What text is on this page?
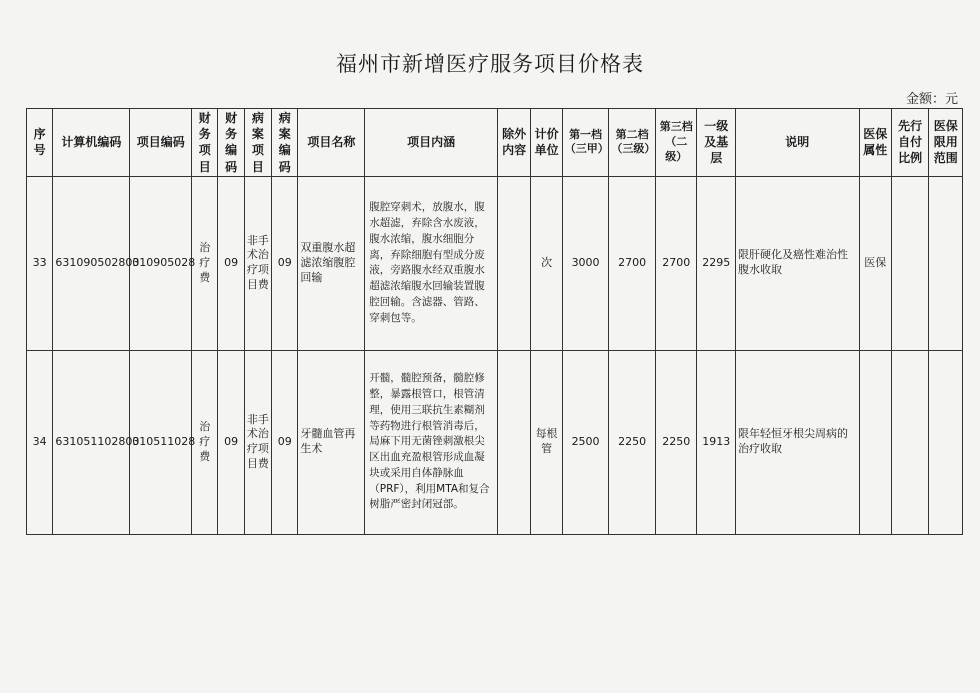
福州市新增医疗服务项目价格表
金额：元
序号	计算机编码	项目编码	财务项目	财务编码	病案项目	病案编码	项目名称	项目内涵	除外内容	计价单位	第一档（三甲）	第二档（三级）	第三档（二级）	一级及基层	说明	医保属性	先行自付比例	医保限用范围
33	631090502800	310905028	治疗费	09	非手术治疗项目费	09	双重腹水超滤浓缩腹腔回输	腹腔穿刺术，放腹水，腹水超滤，弃除含水废液，腹水浓缩，腹水细胞分离，弃除细胞有型成分废液，旁路腹水经双重腹水超滤浓缩腹水回输装置腹腔回输。含滤器、管路、穿刺包等。		次	3000	2700	2700	2295	限肝硬化及癌性难治性腹水收取	医保		
34	631051102800	310511028	治疗费	09	非手术治疗项目费	09	牙髓血管再生术	开髓，髓腔预备，髓腔修整，暴露根管口，根管清理，使用三联抗生素糊剂等药物进行根管消毒后，局麻下用无菌锉刺激根尖区出血充盈根管形成血凝块或采用自体静脉血（PRF），利用MTA和复合树脂严密封闭冠部。		每根管	2500	2250	2250	1913	限年轻恒牙根尖周病的治疗收取			
